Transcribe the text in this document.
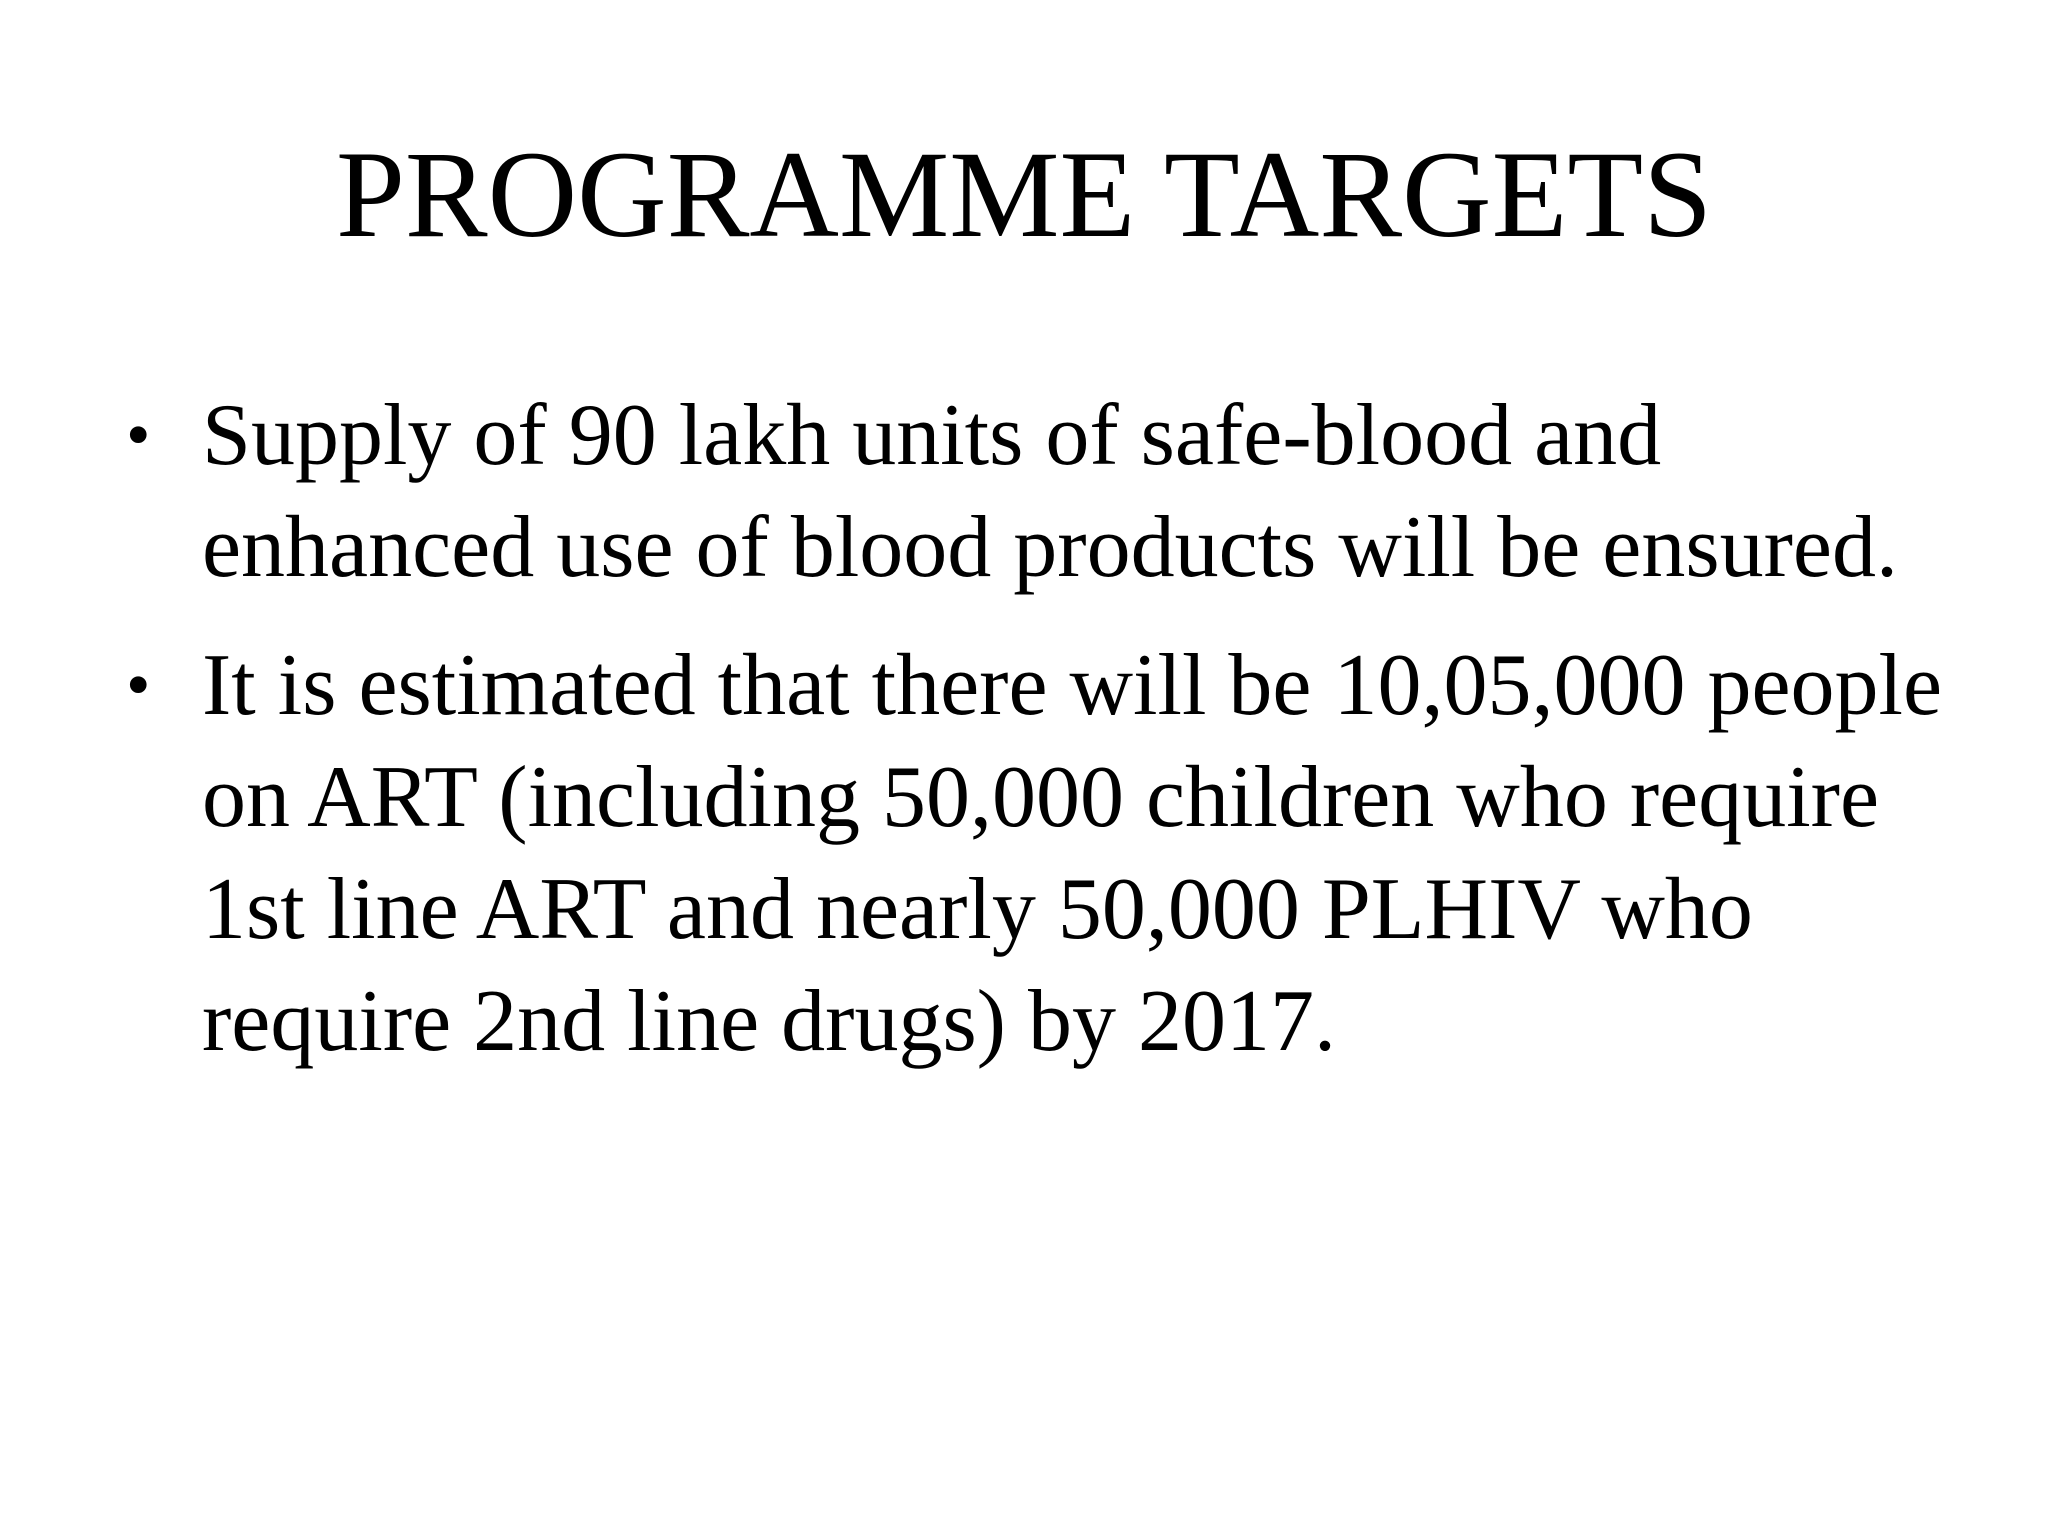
PROGRAMME TARGETS
• Supply of 90 lakh units of safe-blood and enhanced use of blood products will be ensured.
• It is estimated that there will be 10,05,000 people on ART (including 50,000 children who require 1st line ART and nearly 50,000 PLHIV who require 2nd line drugs) by 2017.
